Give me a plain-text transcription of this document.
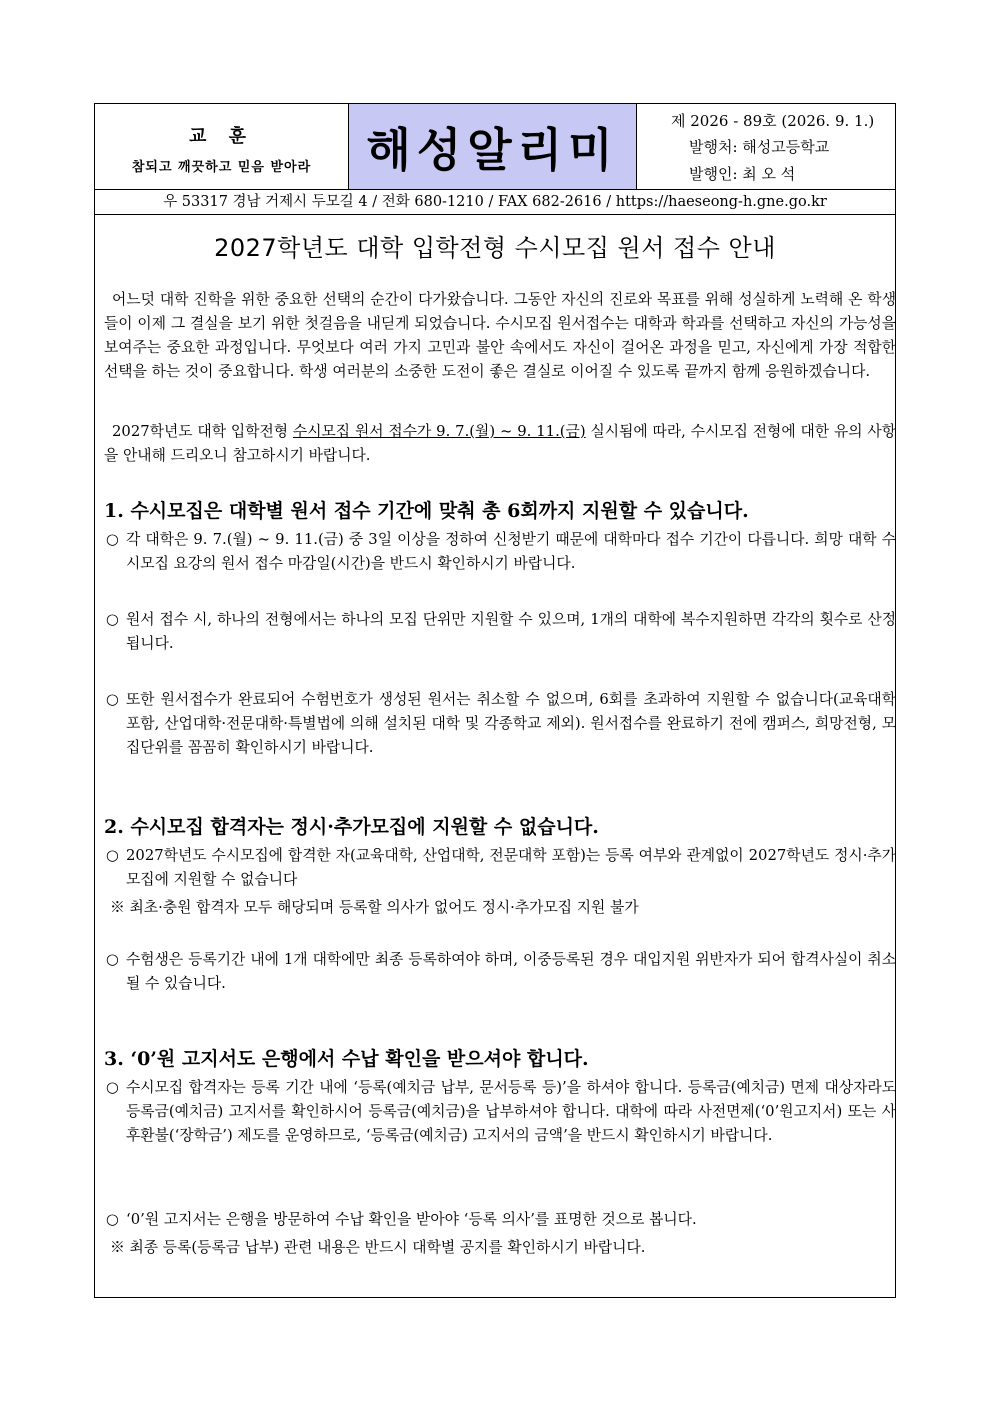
교 훈
참되고 깨끗하고 믿음 받아라	해성알리미
제 2026 - 89호 (2026. 9. 1.)
발행처: 해성고등학교
발행인: 최 오 석
우 53317 경남 거제시 두모길 4 / 전화 680-1210 / FAX 682-2616 / https://haeseong-h.gne.go.kr
2027학년도 대학 입학전형 수시모집 원서 접수 안내

어느덧 대학 진학을 위한 중요한 선택의 순간이 다가왔습니다. 그동안 자신의 진로와 목표를 위해 성실하게 노력해 온 학생들이 이제 그 결실을 보기 위한 첫걸음을 내딛게 되었습니다. 수시모집 원서접수는 대학과 학과를 선택하고 자신의 가능성을 보여주는 중요한 과정입니다. 무엇보다 여러 가지 고민과 불안 속에서도 자신이 걸어온 과정을 믿고, 자신에게 가장 적합한 선택을 하는 것이 중요합니다. 학생 여러분의 소중한 도전이 좋은 결실로 이어질 수 있도록 끝까지 함께 응원하겠습니다.

2027학년도 대학 입학전형 수시모집 원서 접수가 9. 7.(월) ~ 9. 11.(금) 실시됨에 따라, 수시모집 전형에 대한 유의 사항을 안내해 드리오니 참고하시기 바랍니다.

1. 수시모집은 대학별 원서 접수 기간에 맞춰 총 6회까지 지원할 수 있습니다.
○ 각 대학은 9. 7.(월) ~ 9. 11.(금) 중 3일 이상을 정하여 신청받기 때문에 대학마다 접수 기간이 다릅니다. 희망 대학 수시모집 요강의 원서 접수 마감일(시간)을 반드시 확인하시기 바랍니다.
○ 원서 접수 시, 하나의 전형에서는 하나의 모집 단위만 지원할 수 있으며, 1개의 대학에 복수지원하면 각각의 횟수로 산정됩니다.
○ 또한 원서접수가 완료되어 수험번호가 생성된 원서는 취소할 수 없으며, 6회를 초과하여 지원할 수 없습니다(교육대학 포함, 산업대학·전문대학·특별법에 의해 설치된 대학 및 각종학교 제외). 원서접수를 완료하기 전에 캠퍼스, 희망전형, 모집단위를 꼼꼼히 확인하시기 바랍니다.
2. 수시모집 합격자는 정시·추가모집에 지원할 수 없습니다.
○ 2027학년도 수시모집에 합격한 자(교육대학, 산업대학, 전문대학 포함)는 등록 여부와 관계없이 2027학년도 정시·추가모집에 지원할 수 없습니다
※ 최초·충원 합격자 모두 해당되며 등록할 의사가 없어도 정시·추가모집 지원 불가
○ 수험생은 등록기간 내에 1개 대학에만 최종 등록하여야 하며, 이중등록된 경우 대입지원 위반자가 되어 합격사실이 취소될 수 있습니다.
3. ‘0’원 고지서도 은행에서 수납 확인을 받으셔야 합니다.
○ 수시모집 합격자는 등록 기간 내에 ‘등록(예치금 납부, 문서등록 등)’을 하셔야 합니다. 등록금(예치금) 면제 대상자라도 등록금(예치금) 고지서를 확인하시어 등록금(예치금)을 납부하셔야 합니다. 대학에 따라 사전면제(‘0’원고지서) 또는 사후환불(‘장학금’) 제도를 운영하므로, ‘등록금(예치금) 고지서의 금액’을 반드시 확인하시기 바랍니다.
○ ‘0’원 고지서는 은행을 방문하여 수납 확인을 받아야 ‘등록 의사’를 표명한 것으로 봅니다.
※ 최종 등록(등록금 납부) 관련 내용은 반드시 대학별 공지를 확인하시기 바랍니다.
